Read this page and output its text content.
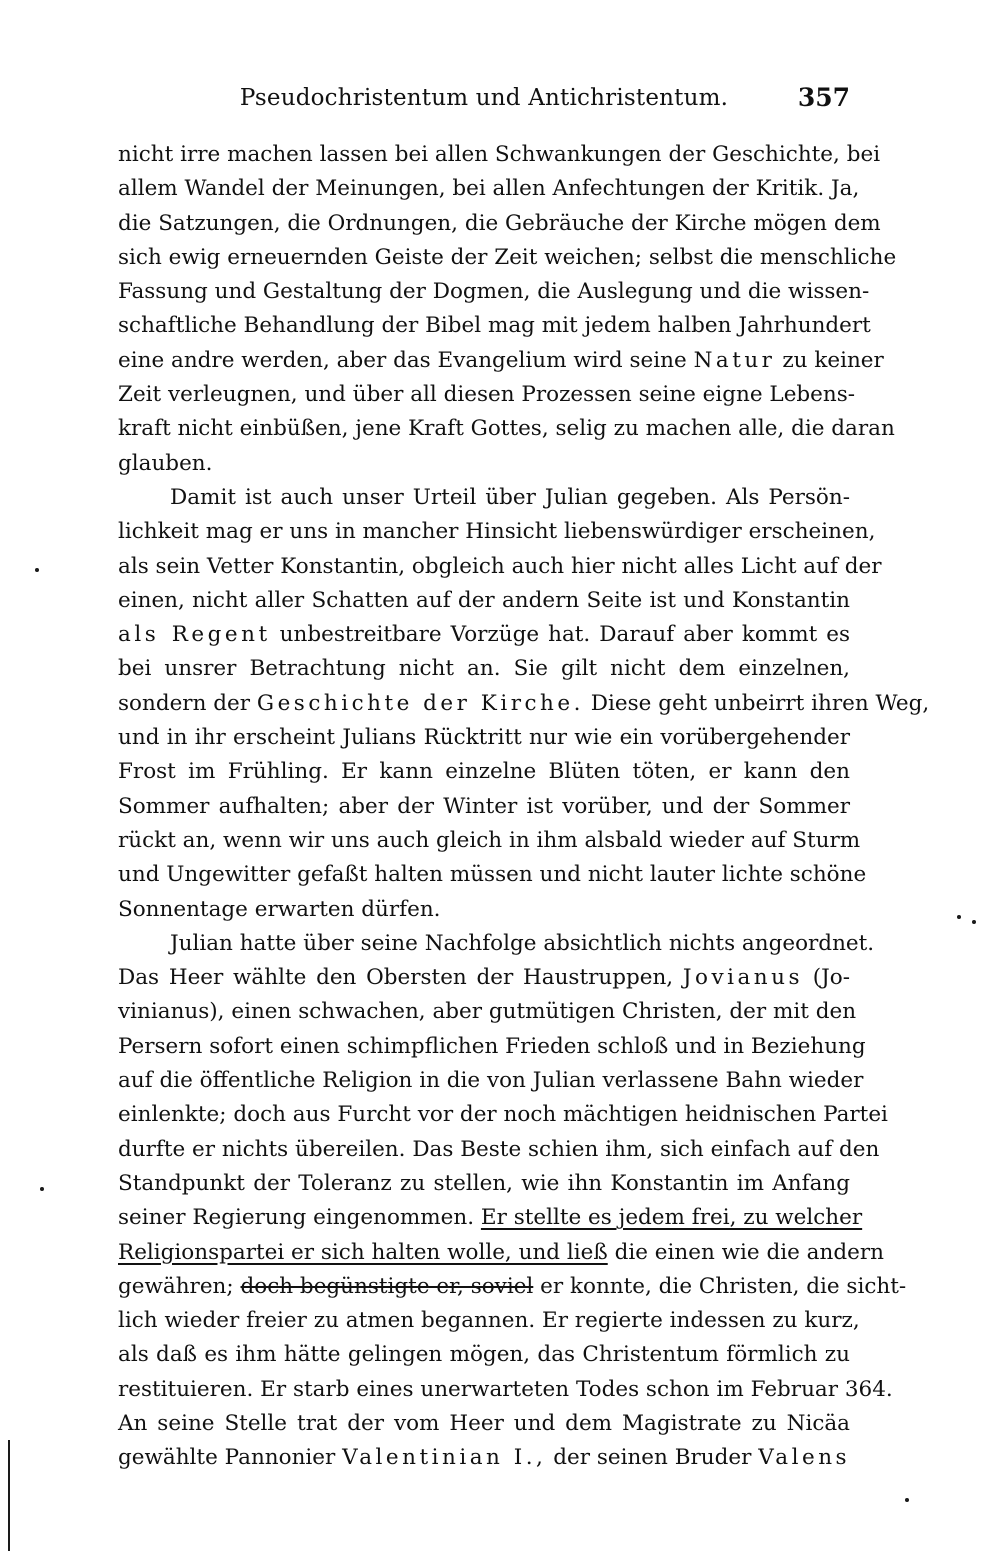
Pseudochristentum und Antichristentum.	357
nicht irre machen lassen bei allen Schwankungen der Geschichte, bei
allem Wandel der Meinungen, bei allen Anfechtungen der Kritik. Ja,
die Satzungen, die Ordnungen, die Gebräuche der Kirche mögen dem
sich ewig erneuernden Geiste der Zeit weichen; selbst die menschliche
Fassung und Gestaltung der Dogmen, die Auslegung und die wissen-
schaftliche Behandlung der Bibel mag mit jedem halben Jahrhundert
eine andre werden, aber das Evangelium wird seine Natur zu keiner
Zeit verleugnen, und über all diesen Prozessen seine eigne Lebens-
kraft nicht einbüßen, jene Kraft Gottes, selig zu machen alle, die daran
glauben.
Damit ist auch unser Urteil über Julian gegeben. Als Persön-
lichkeit mag er uns in mancher Hinsicht liebenswürdiger erscheinen,
als sein Vetter Konstantin, obgleich auch hier nicht alles Licht auf der
einen, nicht aller Schatten auf der andern Seite ist und Konstantin
als Regent unbestreitbare Vorzüge hat. Darauf aber kommt es
bei unsrer Betrachtung nicht an. Sie gilt nicht dem einzelnen,
sondern der Geschichte der Kirche. Diese geht unbeirrt ihren Weg,
und in ihr erscheint Julians Rücktritt nur wie ein vorübergehender
Frost im Frühling. Er kann einzelne Blüten töten, er kann den
Sommer aufhalten; aber der Winter ist vorüber, und der Sommer
rückt an, wenn wir uns auch gleich in ihm alsbald wieder auf Sturm
und Ungewitter gefaßt halten müssen und nicht lauter lichte schöne
Sonnentage erwarten dürfen.
Julian hatte über seine Nachfolge absichtlich nichts angeordnet.
Das Heer wählte den Obersten der Haustruppen, Jovianus (Jo-
vinianus), einen schwachen, aber gutmütigen Christen, der mit den
Persern sofort einen schimpflichen Frieden schloß und in Beziehung
auf die öffentliche Religion in die von Julian verlassene Bahn wieder
einlenkte; doch aus Furcht vor der noch mächtigen heidnischen Partei
durfte er nichts übereilen. Das Beste schien ihm, sich einfach auf den
Standpunkt der Toleranz zu stellen, wie ihn Konstantin im Anfang
seiner Regierung eingenommen. Er stellte es jedem frei, zu welcher
Religionspartei er sich halten wolle, und ließ die einen wie die andern
gewähren; doch begünstigte er, soviel er konnte, die Christen, die sicht-
lich wieder freier zu atmen begannen. Er regierte indessen zu kurz,
als daß es ihm hätte gelingen mögen, das Christentum förmlich zu
restituieren. Er starb eines unerwarteten Todes schon im Februar 364.
An seine Stelle trat der vom Heer und dem Magistrate zu Nicäa
gewählte Pannonier Valentinian I., der seinen Bruder Valens
